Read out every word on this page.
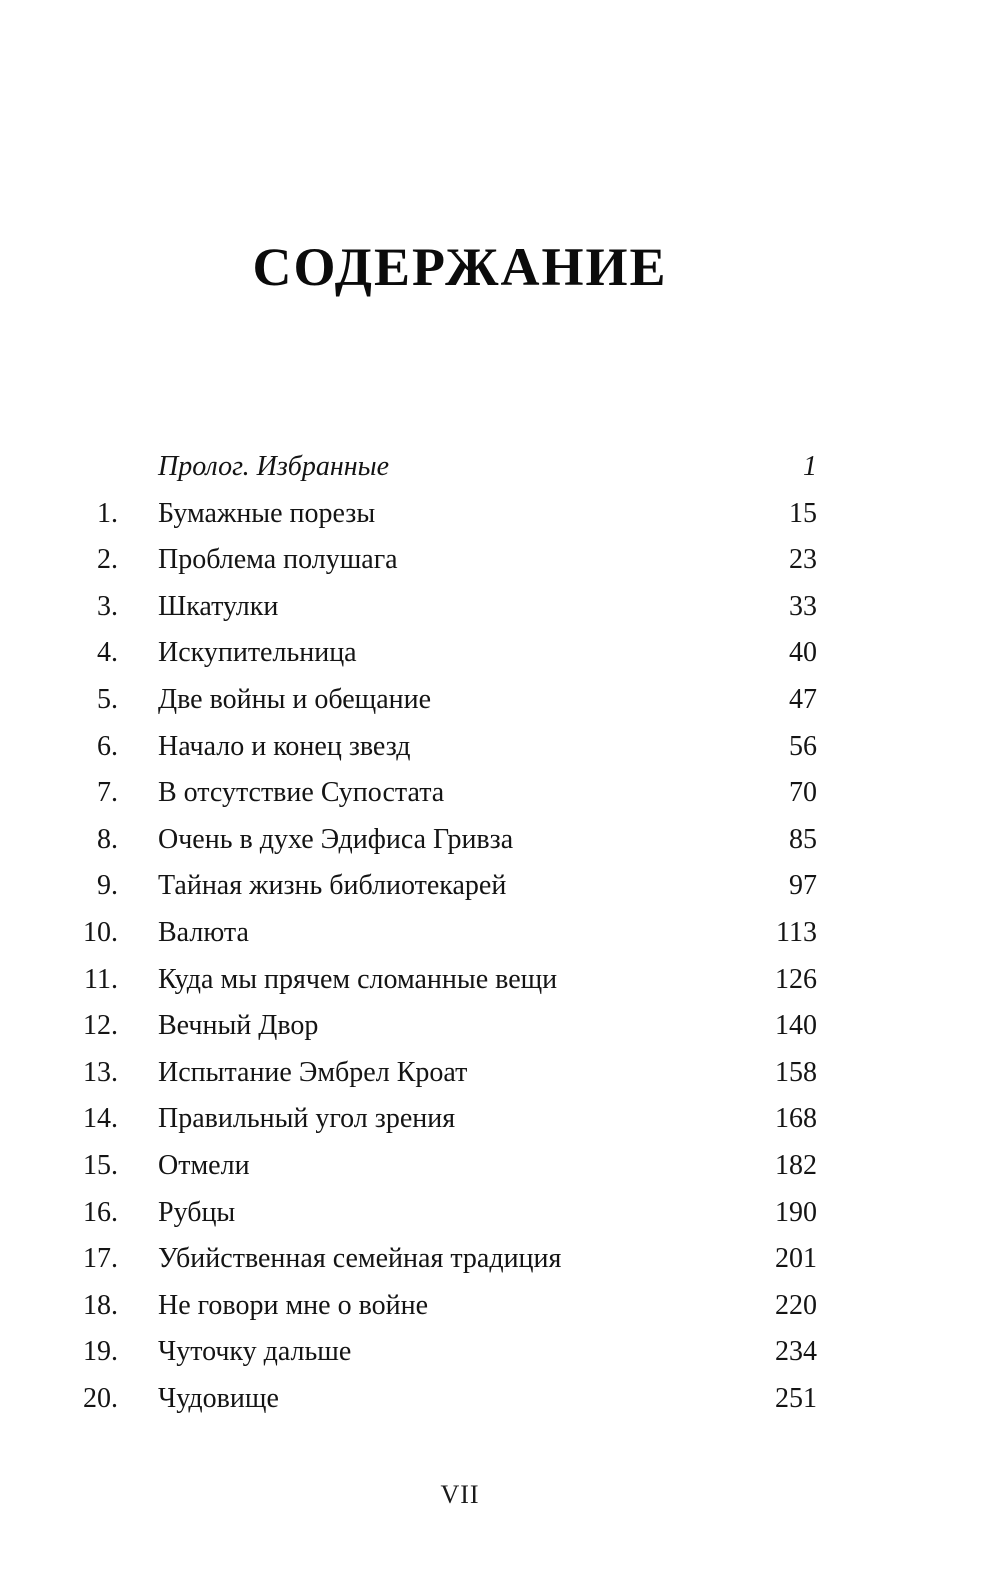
СОДЕРЖАНИЕ
Пролог. Избранные	1
1. Бумажные порезы	15
2. Проблема полушага	23
3. Шкатулки	33
4. Искупительница	40
5. Две войны и обещание	47
6. Начало и конец звезд	56
7. В отсутствие Супостата	70
8. Очень в духе Эдифиса Гривза	85
9. Тайная жизнь библиотекарей	97
10. Валюта	113
11. Куда мы прячем сломанные вещи	126
12. Вечный Двор	140
13. Испытание Эмбрел Кроат	158
14. Правильный угол зрения	168
15. Отмели	182
16. Рубцы	190
17. Убийственная семейная традиция	201
18. Не говори мне о войне	220
19. Чуточку дальше	234
20. Чудовище	251
VII
